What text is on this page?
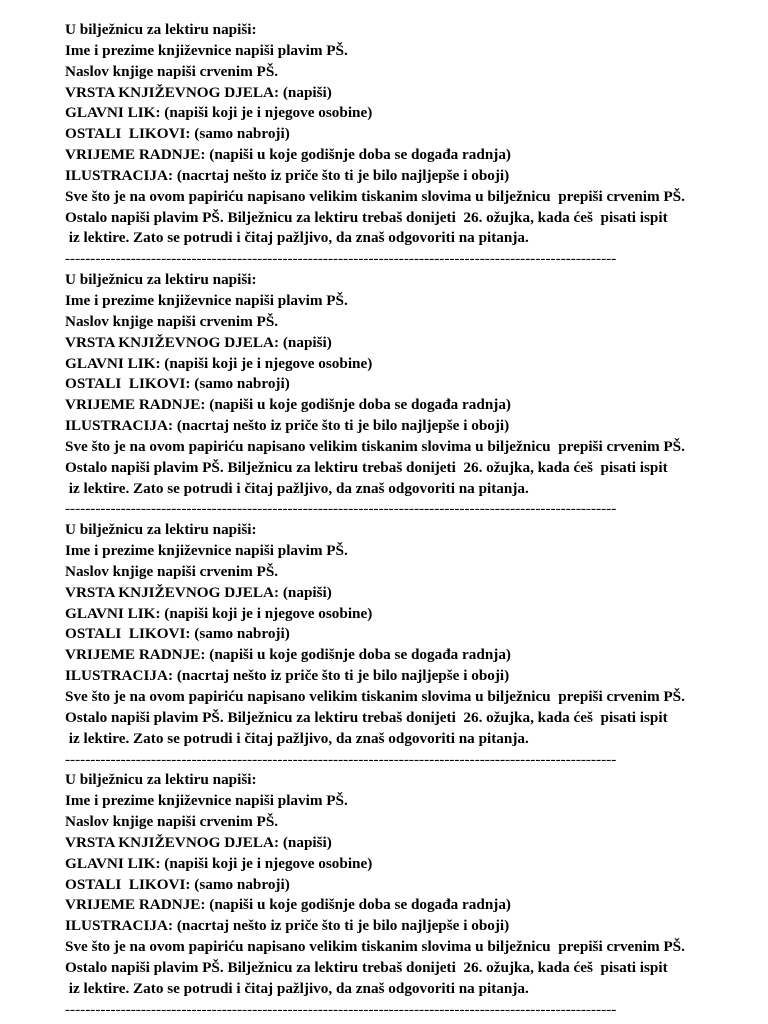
U bilježnicu za lektiru napiši:
Ime i prezime književnice napiši plavim PŠ.
Naslov knjige napiši crvenim PŠ.
VRSTA KNJIŽEVNOG DJELA: (napiši)
GLAVNI LIK: (napiši koji je i njegove osobine)
OSTALI  LIKOVI: (samo nabroji)
VRIJEME RADNJE: (napiši u koje godišnje doba se događa radnja)
ILUSTRACIJA: (nacrtaj nešto iz priče što ti je bilo najljepše i oboji)
Sve što je na ovom papiriću napisano velikim tiskanim slovima u bilježnicu  prepiši crvenim PŠ.
Ostalo napiši plavim PŠ. Bilježnicu za lektiru trebaš donijeti  26. ožujka, kada ćeš  pisati ispit
iz lektire. Zato se potrudi i čitaj pažljivo, da znaš odgovoriti na pitanja.
-------------------------------------------------------------------------------------------------------------
U bilježnicu za lektiru napiši:
Ime i prezime književnice napiši plavim PŠ.
Naslov knjige napiši crvenim PŠ.
VRSTA KNJIŽEVNOG DJELA: (napiši)
GLAVNI LIK: (napiši koji je i njegove osobine)
OSTALI  LIKOVI: (samo nabroji)
VRIJEME RADNJE: (napiši u koje godišnje doba se događa radnja)
ILUSTRACIJA: (nacrtaj nešto iz priče što ti je bilo najljepše i oboji)
Sve što je na ovom papiriću napisano velikim tiskanim slovima u bilježnicu  prepiši crvenim PŠ.
Ostalo napiši plavim PŠ. Bilježnicu za lektiru trebaš donijeti  26. ožujka, kada ćeš  pisati ispit
iz lektire. Zato se potrudi i čitaj pažljivo, da znaš odgovoriti na pitanja.
-------------------------------------------------------------------------------------------------------------
U bilježnicu za lektiru napiši:
Ime i prezime književnice napiši plavim PŠ.
Naslov knjige napiši crvenim PŠ.
VRSTA KNJIŽEVNOG DJELA: (napiši)
GLAVNI LIK: (napiši koji je i njegove osobine)
OSTALI  LIKOVI: (samo nabroji)
VRIJEME RADNJE: (napiši u koje godišnje doba se događa radnja)
ILUSTRACIJA: (nacrtaj nešto iz priče što ti je bilo najljepše i oboji)
Sve što je na ovom papiriću napisano velikim tiskanim slovima u bilježnicu  prepiši crvenim PŠ.
Ostalo napiši plavim PŠ. Bilježnicu za lektiru trebaš donijeti  26. ožujka, kada ćeš  pisati ispit
iz lektire. Zato se potrudi i čitaj pažljivo, da znaš odgovoriti na pitanja.
-------------------------------------------------------------------------------------------------------------
U bilježnicu za lektiru napiši:
Ime i prezime književnice napiši plavim PŠ.
Naslov knjige napiši crvenim PŠ.
VRSTA KNJIŽEVNOG DJELA: (napiši)
GLAVNI LIK: (napiši koji je i njegove osobine)
OSTALI  LIKOVI: (samo nabroji)
VRIJEME RADNJE: (napiši u koje godišnje doba se događa radnja)
ILUSTRACIJA: (nacrtaj nešto iz priče što ti je bilo najljepše i oboji)
Sve što je na ovom papiriću napisano velikim tiskanim slovima u bilježnicu  prepiši crvenim PŠ.
Ostalo napiši plavim PŠ. Bilježnicu za lektiru trebaš donijeti  26. ožujka, kada ćeš  pisati ispit
iz lektire. Zato se potrudi i čitaj pažljivo, da znaš odgovoriti na pitanja.
-------------------------------------------------------------------------------------------------------------
